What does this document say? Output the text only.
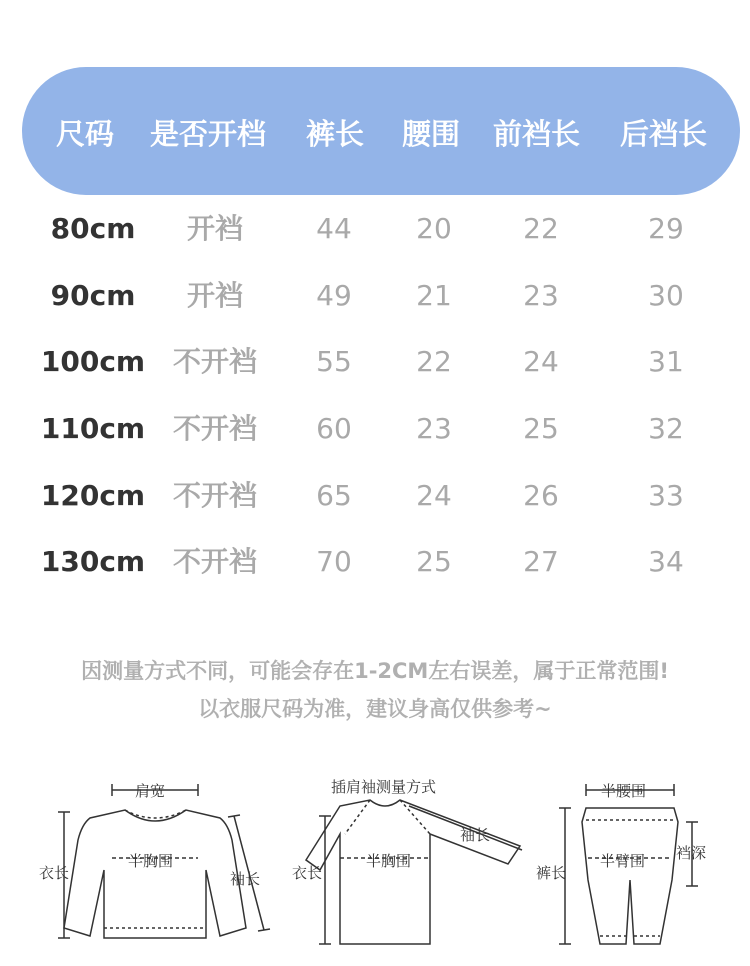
尺码 是否开档 裤长 腰围 前裆长 后裆长
80cm 开裆	44 20	22	29
90cm 开裆	49 21	23	30
100cm 不开裆 55 22	24	31
110cm 不开裆 60 23	25	32
120cm 不开裆 65 24	26	33
130cm 不开裆 70 25	27	34
因测量方式不同，可能会存在1-2CM左右误差，属于正常范围!
以衣服尺码为准，建议身高仅供参考~
肩宽
衣长
半胸围
袖长
插肩袖测量方式
袖长
衣长
半胸围
半腰围
裤长
半臂围 裆深
